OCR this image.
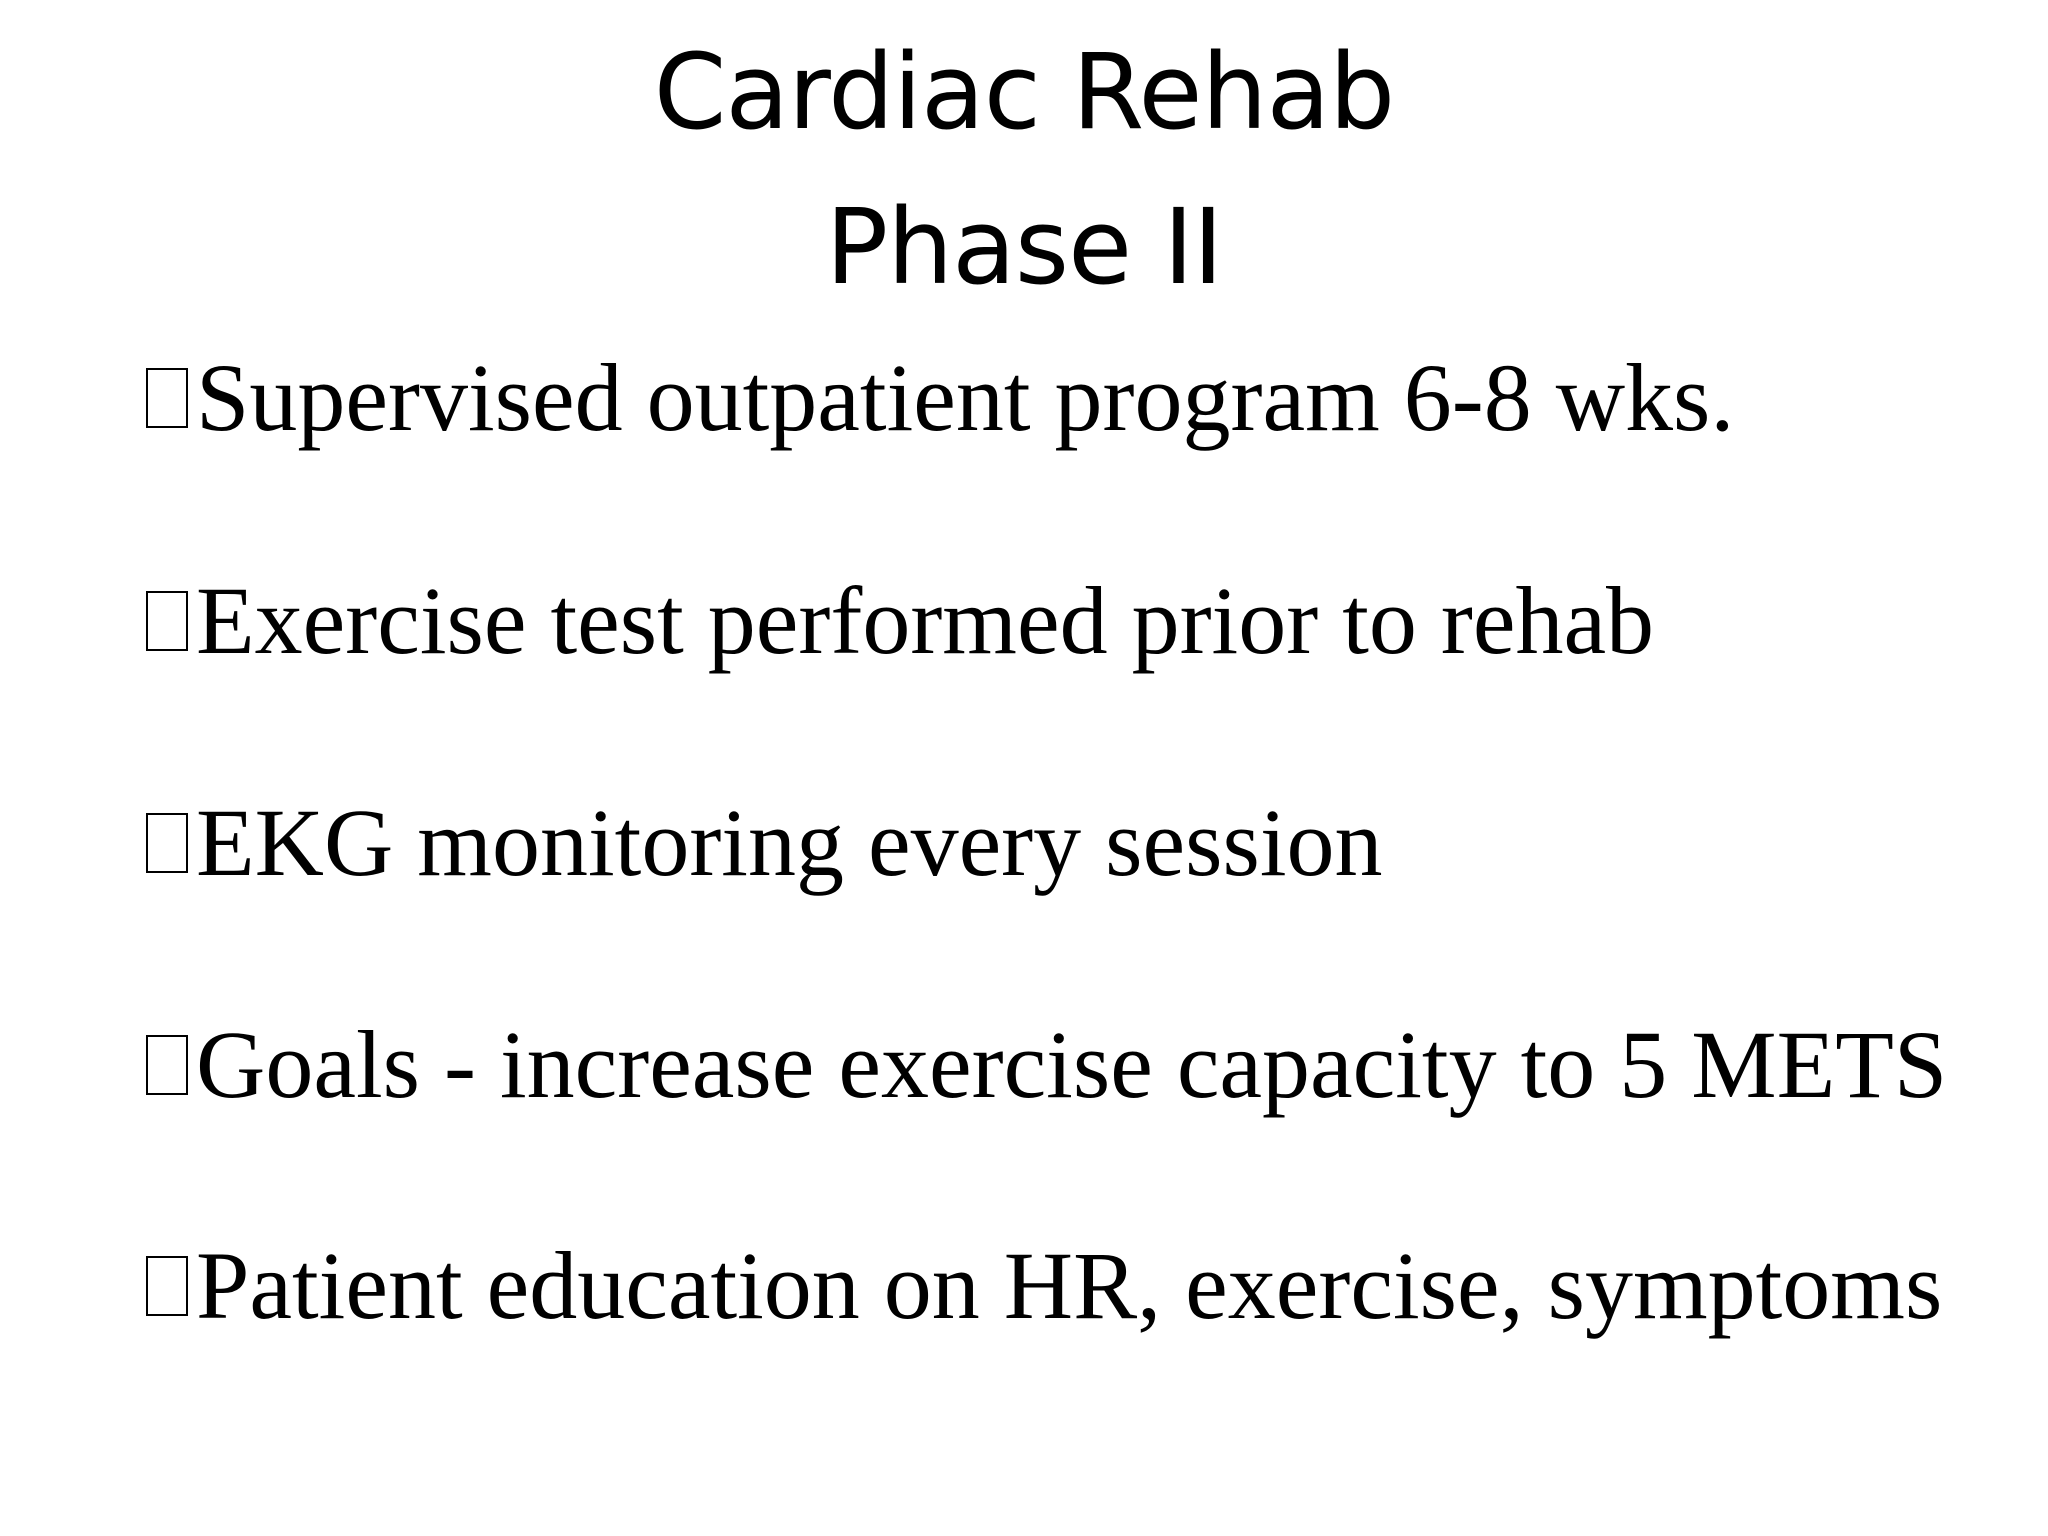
Cardiac Rehab
Phase II
Supervised outpatient program 6-8 wks.
Exercise test performed prior to rehab
EKG monitoring every session
Goals - increase exercise capacity to 5 METS
Patient education on HR, exercise, symptoms
